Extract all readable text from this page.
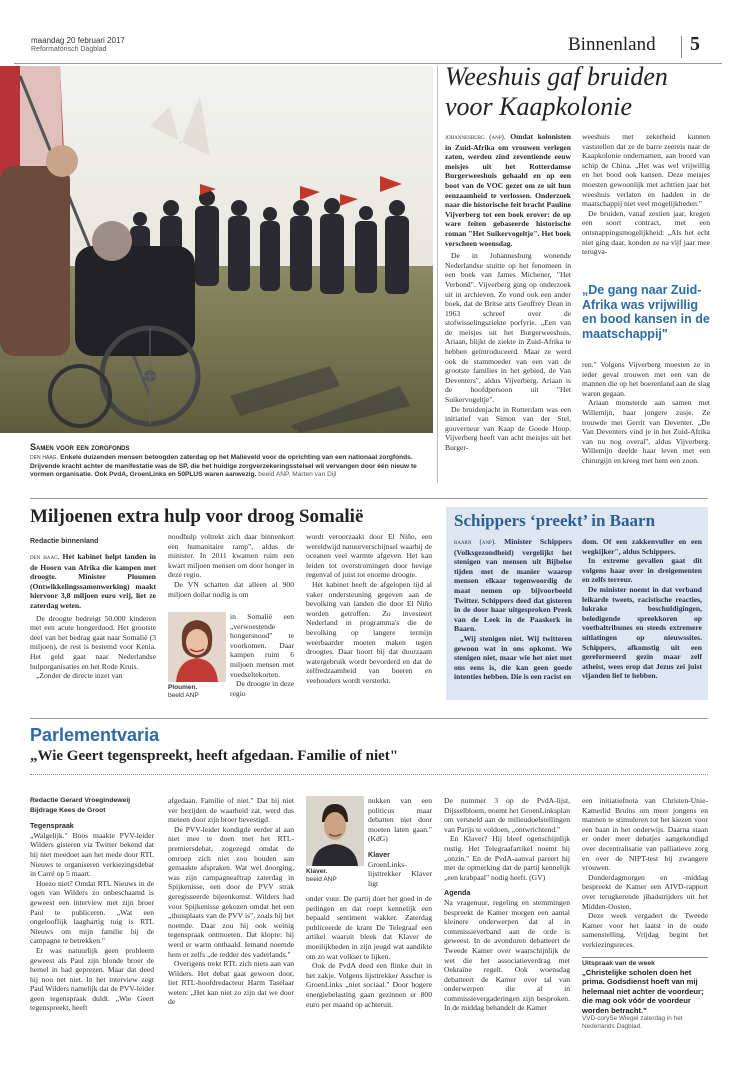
maandag 20 februari 2017
Reformatorisch Dagblad	Binnenland 5
Samen voor een zorgfonds
den haag. Enkele duizenden mensen betoogden zaterdag op het Malieveld voor de oprichting van een nationaal zorgfonds. Drijvende kracht achter de manifestatie was de SP, die het huidige zorgverzekeringsstelsel wil vervangen door één nieuw te vormen organisatie. Ook PvdA, GroenLinks en 50PLUS waren aanwezig. beeld ANP, Marten van Dijl
Weeshuis gaf bruiden voor Kaapkolonie

johannesburg (anp). Omdat kolonisten in Zuid-Afrika om vrouwen verlegen zaten, werden zind zeventiende eeuw meisjes uit het Rotterdamse Burgerweeshuis gehaald en op een boot van de VOC gezet om ze uit hun eenzaamheid te verlossen. Onderzoek naar die historische feit bracht Pauline Vijverberg tot een boek erover: de op ware feiten gebaseerde historische roman "Het Suikervogeltje". Het boek verscheen woensdag.

De in Johannesburg wonende Nederlandse stuitte op het fenomeen in een boek van James Michener, "Het Verbond". Vijverberg ging op onderzoek uit in archieven. Ze vond ook een ander boek, dat de Britse arts Geoffrey Dean in 1963 schreef over de stofwisselingsziekte porfyrie. „Een van de meisjes uit het Burgerweeshuis, Ariaan, blijkt de ziekte in Zuid-Afrika te hebben geïntroduceerd. Maar ze werd ook de stammoeder van een van de grootste families in het gebied, de Van Deventers", aldus Vijverberg. Ariaan is de hoofdpersoon uit "Het Suikervogeltje".

De bruidenjacht in Rotterdam was een initiatief van Simon van der Stel, gouverneur van Kaap de Goede Hoop. Vijverberg heeft van acht meisjes uit het Burger-

weeshuis met zekerheid kunnen vaststellen dat ze de barre zeereis naar de Kaapkolonie ondernamen, aan boord van schip de China. „Het was wel vrijwillig en het bood ook kansen. Deze meisjes moesten gewoonlijk met achttien jaar het weeshuis verlaten en hadden in de maatschappij niet veel mogelijkheden."

De bruiden, vanaf zestien jaar, kregen een soort contract, met een ontsnappingsmogelijkheid: „Als het echt niet ging daar, konden ze na vijf jaar mee terugva-

„De gang naar Zuid-Afrika was vrijwillig en bood kansen in de maatschappij"

ren." Volgens Vijverberg moesten ze in ieder geval trouwen met een van de mannen die op het boerenland aan de slag waren gegaan.

Ariaan monsterde aan samen met Willemijn, haar jongere zusje. Ze trouwde met Gerrit van Deventer. „De Van Deventers vind je in het Zuid-Afrika van nu nog overal", aldus Vijverberg. Willemijn deelde haar leven met een chirurgijn en kreeg met hem een zoon.

Miljoenen extra hulp voor droog Somalië
Redactie binnenland

den haag. Het kabinet helpt landen in de Hoorn van Afrika die kampen met droogte. Minister Ploumen (Ontwikkelingssamenwerking) maakt hiervoor 3,8 miljoen euro vrij, liet ze zaterdag weten.

De droogte bedreigt 50.000 kinderen met een acute hongerdood. Het grootste deel van het bedrag gaat naar Somalië (3 miljoen), de rest is bestemd voor Kenia. Het geld gaat naar Nederlandse hulporganisaties en het Rode Kruis.

„Zonder de directe inzet van

noodhulp voltrekt zich daar binnenkort een humanitaire ramp", aldus de minister. In 2011 kwamen ruim een kwart miljoen mensen om door honger in deze regio.

De VN schatten dat alleen al 900 miljoen dollar nodig is om

Ploumen.
beeld ANP

in Somalië een „verwoestende hongersnood" te voorkomen. Daar kampen ruim 6 miljoen mensen met voedseltekorten.

De droogte in deze regio

wordt veroorzaakt door El Niño, een wereldwijd natuurverschijnsel waarbij de oceanen veel warmte afgeven. Het kan leiden tot overstromingen door hevige regenval of juist tot enorme droogte.

Het kabinet heeft de afgelopen tijd al vaker ondersteuning gegeven aan de bevolking van landen die door El Niño worden getroffen. Zo investeert Nederland in programma's die de bevolking op langere termijn weerbaarder moeten maken tegen droogtes. Daar hoort bij dat duurzaam watergebruik wordt bevorderd en dat de zelfredzaamheid van boeren en veehouders wordt versterkt.

Schippers ‘preekt’ in Baarn

baarn (anp). Minister Schippers (Volksgezondheid) vergelijkt het stenigen van mensen uit Bijbelse tijden met de manier waarop mensen elkaar tegenwoordig de maat nemen op bijvoorbeeld Twitter. Schippers deed dat gisteren in de door haar uitgesproken Preek van de Leek in de Paaskerk in Baarn.

„Wij stenigen niet. Wij twitteren gewoon wat in ons opkomt. We stenigen niet, maar wie het niet met ons eens is, die kan geen goede intenties hebben. Die is een racist en

dom. Of een zakkenvuller en een wegkijker", aldus Schippers.

In extreme gevallen gaat dit volgens haar over in dreigementen en zelfs terreur.

De minister noemt in dat verband leikarde tweets, racistische reacties, lukrake beschuldigingen, beledigende spreekkoren op voetbaltribunes en steeds extremere uitlatingen op nieuwssites. Schippers, afkomstig uit een gereformeerd gezin maar zelf atheïst, wees erop dat Jezus zei juist vijanden lief te hebben.

Parlementvaria
„Wie Geert tegenspreekt, heeft afgedaan. Familie of niet"
Redactie Gerard Vroegindeweij
Bijdrage Kees de Groot
Tegenspraak

„Walgelijk." Boos maakte PVV-leider Wilders gisteren via Twitter bekend dat hij niet meedoet aan het mede door RTL Nieuws te organiseren verkiezingsdebat in Carré op 5 maart.

Hoezo niet? Omdat RTL Nieuws in de ogen van Wilders zo onbeschaamd is geweest een interview met zijn broer Paul te publiceren. „Wat een ongelooflijk laaghartig tuig is RTL Nieuws om mijn familie bij de campagne te betrekken."

Er was natuurlijk geen probleem geweest als Paul zijn blonde broer de hemel in had geprezen. Maar dat deed hij nou net niet. In het interview zegt Paul Wilders namelijk dat de PVV-leider geen tegenspraak duldt. „Wie Geert tegenspreekt, heeft

afgedaan. Familie of niet." Dat hij niet ver bezijden de waarheid zat, werd dus meteen door zijn broer bevestigd.

De PVV-leider kondigde eerder al aan niet mee te doen met het RTL-premiersdebat, zogezegd omdat de omroep zich niet zou houden aan gemaakte afspraken. Wat wel doorging, was zijn campagneaftrap zaterdag in Spijkenisse, een door de PVV strak geregisseerde bijeenkomst. Wilders had voor Spijkenisse gekozen omdat het een „thuisplaats van de PVV is", zoals hij het noemde. Daar zou hij ook weinig tegenspraak ontmoeten. Dat klopte: hij werd er warm onthaald. Iemand noemde hem er zelfs „de redder des vaderlands."

Overigens trekt RTL zich niets aan van Wilders. Het debat gaat gewoon door, liet RTL-hoofdredacteur Harm Taselaar weten: „Het kan niet zo zijn dat we door de

Klaver.
beeld ANP

nukken van een politicus maar debatten niet door moeten laten gaan." (KdG)

Klaver

GroenLinks-lijsttrekker Klaver ligt

onder vuur. De partij doet het goed in de peilingen en dat roept kennelijk een bepaald sentiment wakker. Zaterdag publiceerde de krant De Telegraaf een artikel waaruit bleek dat Klaver de moeilijkheden in zijn jeugd wat aandikte om zo wat volkser te lijken.

Ook de PvdA deed een flinke duit in het zakje. Volgens lijsttrekker Asscher is GroenLinks „niet sociaal." Door hogere energiebelasting gaan gezinnen er 800 euro per maand op achteruit.

De nummer 3 op de PvdA-lijst, Dijsselbloem, noemt het GroenLinksplan om versneld aan de milieudoelstellingen van Parijs te voldoen, „ontwrichtend."

En Klaver? Hij bleef ogenschijnlijk rustig. Het Telegraafartikel noemt hij „onzin." En de PvdA-aanval pareert hij met de opmerking dat de partij kennelijk „een krabpaal" nodig heeft. (GV)

Agenda

Na vragenuur, regeling en stemmingen bespreekt de Kamer morgen een aantal kleinere onderwerpen dat al in commissieverband aan de orde is geweest. In de avonduren debatteert de Tweede Kamer over waarschijnlijk de wet die het associatieverdrag met Oekraïne regelt. Ook woensdag debatteert de Kamer over tal van onderwerpen die al in commissievergaderingen zijn besproken. In de middag behandelt de Kamer

een initiatiefnota van Christen-Unie-Kamerlid Bruins om meer jongens en mannen te stimuleren tot het kiezen voor een baan in het onderwijs. Daarna staan er onder meer debatjes aangekondigd over decentralisatie van palliatieve zorg en over de NIPT-test bij zwangere vrouwen.

Donderdagmorgen en -middag bespreekt de Kamer een AIVD-rapport over terugkerende jihadstrijders uit het Midden-Oosten.

Deze week vergadert de Tweede Kamer voor het laatst in de oude samenstelling. Vrijdag begint het verkiezingsreces.

Uitspraak van de week
„Christelijke scholen doen het prima. Godsdienst hoeft van mij helemaal niet achter de voordeur; die mag ook vóór de voordeur worden betracht."
VVD-corySe Wiegel zaterdag in het Nederlands Dagblad.
